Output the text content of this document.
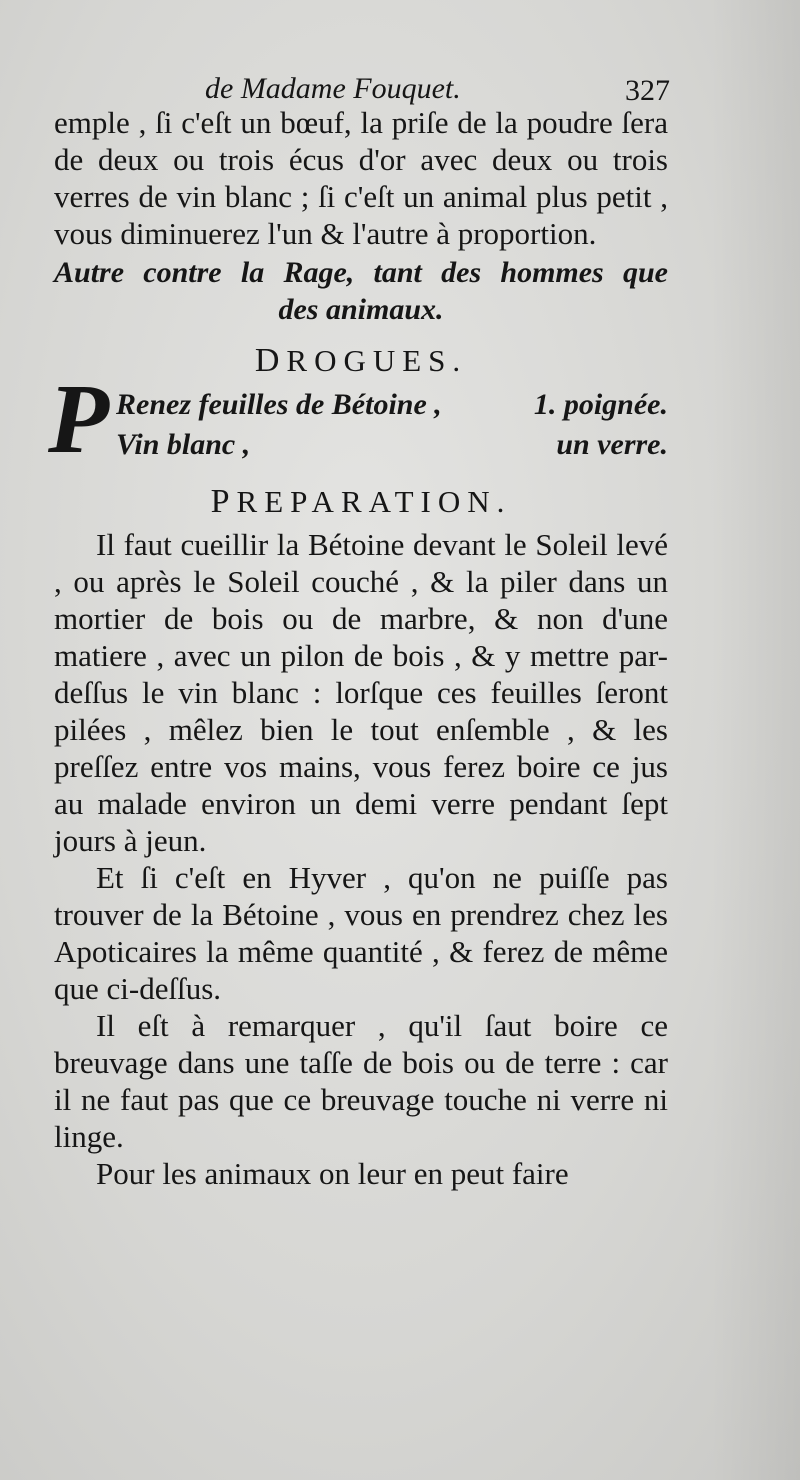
de Madame Fouquet.	327

emple , ſi c'eſt un bœuf, la priſe de la poudre ſera de deux ou trois écus d'or avec deux ou trois verres de vin blanc ; ſi c'eſt un animal plus petit , vous diminuerez l'un & l'autre à proportion.

Autre contre la Rage, tant des hommes que
des animaux.
DROGUES.
P Renez feuilles de Bétoine ,	1. poignée.
Vin blanc ,	un verre.
PREPARATION.

Il faut cueillir la Bétoine devant le Soleil levé , ou après le Soleil couché , & la piler dans un mortier de bois ou de marbre, & non d'une matiere , avec un pilon de bois , & y mettre par-deſſus le vin blanc : lorſque ces feuilles ſeront pilées , mêlez bien le tout enſemble , & les preſſez entre vos mains, vous ferez boire ce jus au malade environ un demi verre pendant ſept jours à jeun.

Et ſi c'eſt en Hyver , qu'on ne puiſſe pas trouver de la Bétoine , vous en prendrez chez les Apoticaires la même quantité , & ferez de même que ci-deſſus.

Il eſt à remarquer , qu'il ſaut boire ce breuvage dans une taſſe de bois ou de terre : car il ne faut pas que ce breuvage touche ni verre ni linge.

Pour les animaux on leur en peut faire
